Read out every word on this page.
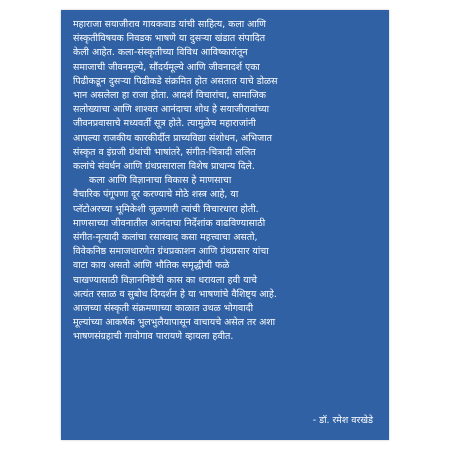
महाराजा सयाजीराव गायकवाड यांची साहित्य, कला आणि
संस्कृतीविषयक निवडक भाषणे या दुसऱ्या खंडात संपादित
केली आहेत. कला-संस्कृतीच्या विविध आविष्कारांतून
समाजाची जीवनमूल्ये, सौंदर्यमूल्ये आणि जीवनादर्श एका
पिढीकडून दुसऱ्या पिढीकडे संक्रमित होत असतात याचे डोळस
भान असलेला हा राजा होता. आदर्श विचारांचा, सामाजिक
सलोख्याचा आणि शाश्वत आनंदाचा शोध हे सयाजीरावांच्या
जीवनप्रवासाचे मध्यवर्ती सूत्र होते. त्यामुळेच महाराजांनी
आपल्या राजकीय कारकीर्दीत प्राच्यविद्या संशोधन, अभिजात
संस्कृत व इंग्रजी ग्रंथांची भाषांतरे, संगीत-चित्रादी ललित
कलांचे संवर्धन आणि ग्रंथप्रसाराला विशेष प्राधान्य दिले.

कला आणि विज्ञानाचा विकास हे माणसाचा
वैचारिक पंगूपणा दूर करण्याचे मोठे शस्त्र आहे, या
प्लॅटोअरच्या भूमिकेशी जुळणारी त्यांची विचारधारा होती.
माणसाच्या जीवनातील आनंदाचा निर्देशांक वाढविण्यासाठी
संगीत-नृत्यादी कलांचा रसास्वाद कसा महत्त्वाचा असतो,
विवेकनिष्ठ समाजधारणेत ग्रंथप्रकाशन आणि ग्रंथप्रसार यांचा
वाटा काय असतो आणि भौतिक समृद्धीची फळे
चाखण्यासाठी विज्ञाननिष्ठेची कास का धरायला हवी याचे
अत्यंत रसाळ व सुबोध दिग्दर्शन हे या भाषणांचे वैशिष्ट्य आहे.
आजच्या संस्कृती संक्रमणाच्या काळात उथळ भोगवादी
मूल्यांच्या आकर्षक भुलभुलैयापासून वाचायचे असेल तर अशा
भाषणसंग्रहाची गावोगाव पारायणे व्हायला हवीत.

- डॉ. रमेश वरखेडे
